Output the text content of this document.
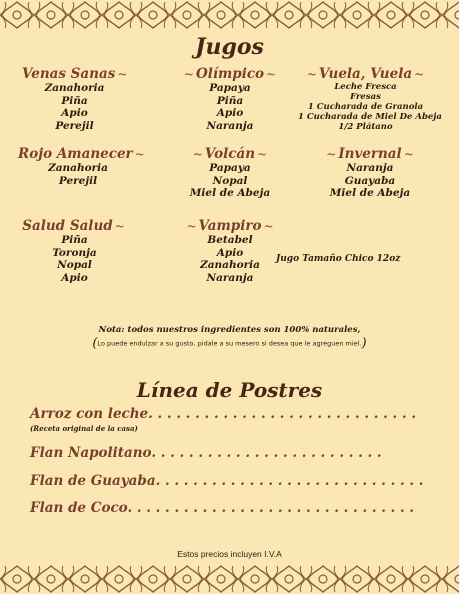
Jugos
Venas Sanas ~
Zanahoria
Piña
Apio
Perejil
~ Olímpico ~
Papaya
Piña
Apio
Naranja
~ Vuela, Vuela ~
Leche Fresca
Fresas
1 Cucharada de Granola
1 Cucharada de Miel De Abeja
1/2 Plátano
Rojo Amanecer ~
Zanahoria
Perejil
~ Volcán ~
Papaya
Nopal
Miel de Abeja
~ Invernal ~
Naranja
Guayaba
Miel de Abeja
Salud Salud ~
Piña
Toronja
Nopal
Apio
~ Vampiro ~
Betabel
Apio
Zanahoria
Naranja
Jugo Tamaño Chico 12oz
Nota: todos nuestros ingredientes son 100% naturales,
(Lo puede endulzar a su gusto, pidale a su mesero si desea que le agreguen miel.)
Línea de Postres
Arroz con leche. . . . . . . . . . . . . . . . . . . . . . . . . . . . .
(Receta original de la casa)
Flan Napolitano. . . . . . . . . . . . . . . . . . . . . . . . .
Flan de Guayaba. . . . . . . . . . . . . . . . . . . . . . . . . . . . .
Flan de Coco. . . . . . . . . . . . . . . . . . . . . . . . . . . . . . .
Estos precios incluyen I.V.A
